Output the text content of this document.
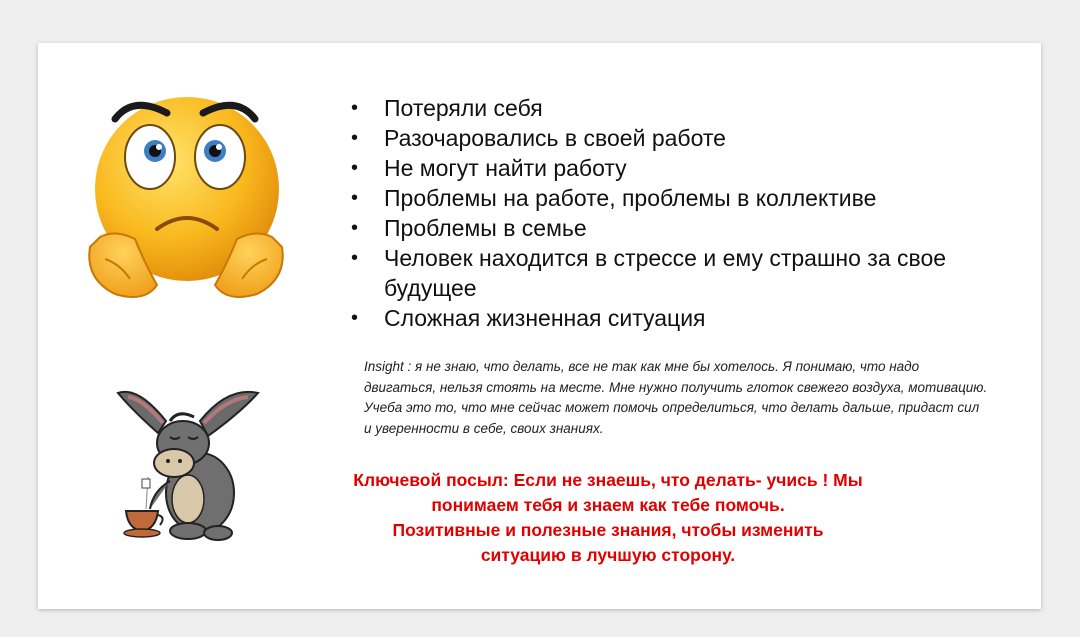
• Потеряли себя
• Разочаровались в своей работе
• Не могут найти работу
• Проблемы на работе, проблемы в коллективе
• Проблемы в семье
• Человек находится в стрессе и ему страшно за свое будущее
• Сложная жизненная ситуация
Insight : я не знаю, что делать, все не так как мне бы хотелось. Я понимаю, что надо двигаться, нельзя стоять на месте. Мне нужно получить глоток свежего воздуха, мотивацию. Учеба это то, что мне сейчас может помочь определиться, что делать дальше, придаст сил и уверенности в себе, своих знаниях.
Ключевой посыл: Если не знаешь, что делать- учись ! Мы понимаем тебя и знаем как тебе помочь.
Позитивные и полезные знания, чтобы изменить ситуацию в лучшую сторону.
